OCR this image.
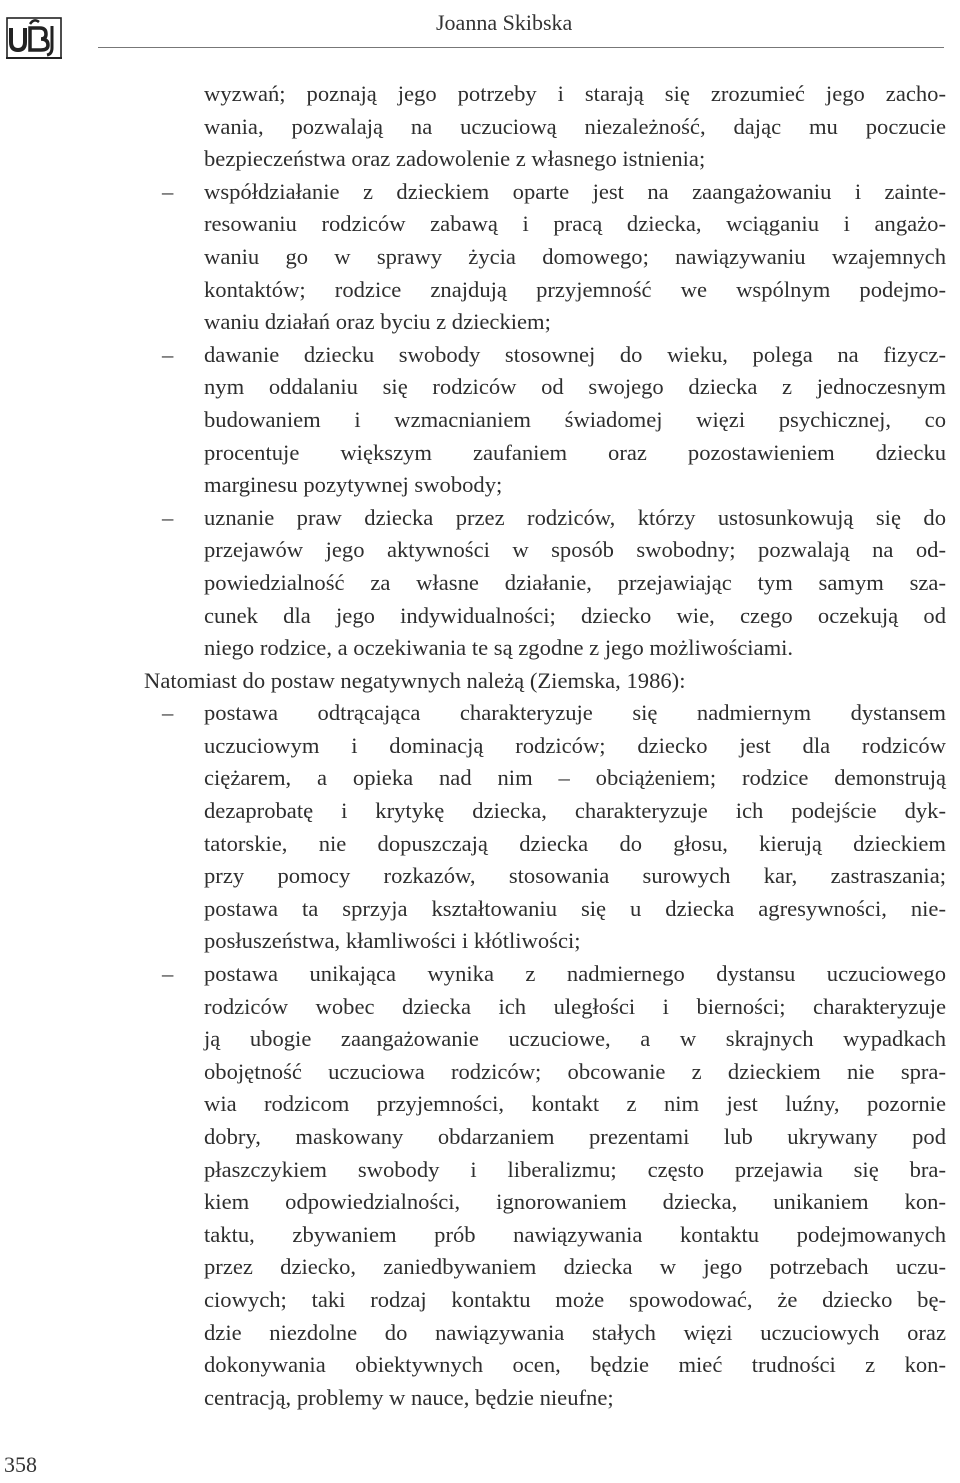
Joanna Skibska
wyzwań; poznają jego potrzeby i starają się zrozumieć jego zacho-
wania, pozwalają na uczuciową niezależność, dając mu poczucie
bezpieczeństwa oraz zadowolenie z własnego istnienia;
–	współdziałanie z dzieckiem oparte jest na zaangażowaniu i zainte-
resowaniu rodziców zabawą i pracą dziecka, wciąganiu i angażo-
waniu go w sprawy życia domowego; nawiązywaniu wzajemnych
kontaktów; rodzice znajdują przyjemność we wspólnym podejmo-
waniu działań oraz byciu z dzieckiem;
–	dawanie dziecku swobody stosownej do wieku, polega na fizycz-
nym oddalaniu się rodziców od swojego dziecka z jednoczesnym
budowaniem i wzmacnianiem świadomej więzi psychicznej, co
procentuje większym zaufaniem oraz pozostawieniem dziecku
marginesu pozytywnej swobody;
–	uznanie praw dziecka przez rodziców, którzy ustosunkowują się do
przejawów jego aktywności w sposób swobodny; pozwalają na od-
powiedzialność za własne działanie, przejawiając tym samym sza-
cunek dla jego indywidualności; dziecko wie, czego oczekują od
niego rodzice, a oczekiwania te są zgodne z jego możliwościami.
Natomiast do postaw negatywnych należą (Ziemska, 1986):
–	postawa odtrącająca charakteryzuje się nadmiernym dystansem
uczuciowym i dominacją rodziców; dziecko jest dla rodziców
ciężarem, a opieka nad nim – obciążeniem; rodzice demonstrują
dezaprobatę i krytykę dziecka, charakteryzuje ich podejście dyk-
tatorskie, nie dopuszczają dziecka do głosu, kierują dzieckiem
przy pomocy rozkazów, stosowania surowych kar, zastraszania;
postawa ta sprzyja kształtowaniu się u dziecka agresywności, nie-
posłuszeństwa, kłamliwości i kłótliwości;
–	postawa unikająca wynika z nadmiernego dystansu uczuciowego
rodziców wobec dziecka ich uległości i bierności; charakteryzuje
ją ubogie zaangażowanie uczuciowe, a w skrajnych wypadkach
obojętność uczuciowa rodziców; obcowanie z dzieckiem nie spra-
wia rodzicom przyjemności, kontakt z nim jest luźny, pozornie
dobry, maskowany obdarzaniem prezentami lub ukrywany pod
płaszczykiem swobody i liberalizmu; często przejawia się bra-
kiem odpowiedzialności, ignorowaniem dziecka, unikaniem kon-
taktu, zbywaniem prób nawiązywania kontaktu podejmowanych
przez dziecko, zaniedbywaniem dziecka w jego potrzebach uczu-
ciowych; taki rodzaj kontaktu może spowodować, że dziecko bę-
dzie niezdolne do nawiązywania stałych więzi uczuciowych oraz
dokonywania obiektywnych ocen, będzie mieć trudności z kon-
centracją, problemy w nauce, będzie nieufne;
358
